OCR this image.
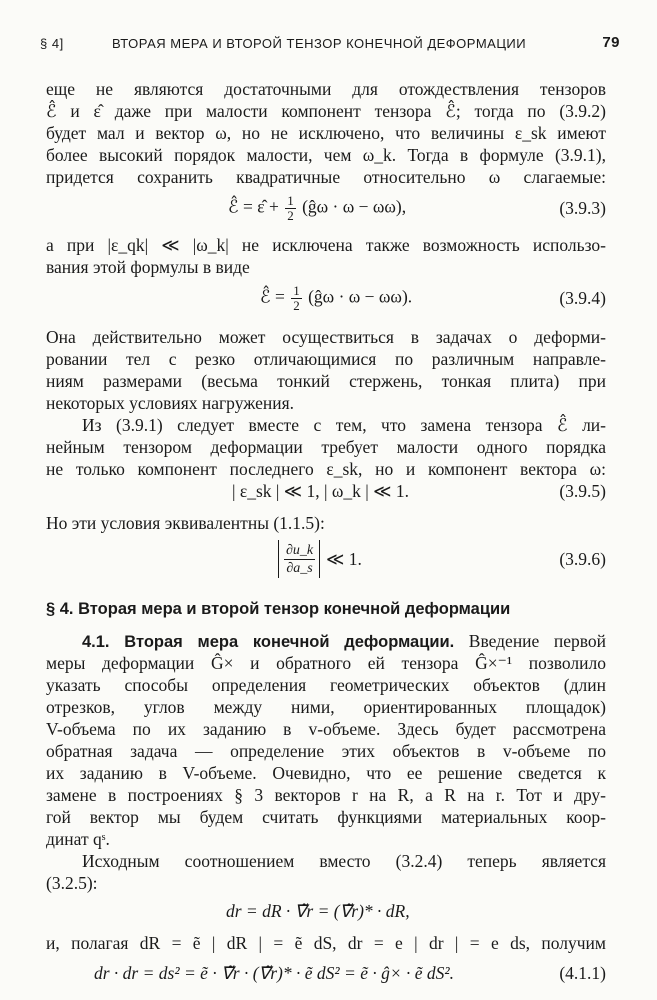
§ 4]	ВТОРАЯ МЕРА И ВТОРОЙ ТЕНЗОР КОНЕЧНОЙ ДЕФОРМАЦИИ	79
еще не являются достаточными для отождествления тензоров
ℰ̂ и ε̂ даже при малости компонент тензора ℰ̂; тогда по (3.9.2)
будет мал и вектор ω, но не исключено, что величины ε_sk имеют
более высокий порядок малости, чем ω_k. Тогда в формуле (3.9.1),
придется сохранить квадратичные относительно ω слагаемые:
ℰ̂ = ε̂ + $\frac{1}{2}$ (ĝω · ω − ωω),	(3.9.3)
а при |ε_qk| ≪ |ω_k| не исключена также возможность использо-
вания этой формулы в виде
ℰ̂ = $\frac{1}{2}$ (ĝω · ω − ωω).	(3.9.4)
Она действительно может осуществиться в задачах о деформи-
ровании тел с резко отличающимися по различным направле-
ниям размерами (весьма тонкий стержень, тонкая плита) при
некоторых условиях нагружения.
Из (3.9.1) следует вместе с тем, что замена тензора ℰ̂ ли-
нейным тензором деформации требует малости одного порядка
не только компонент последнего ε_sk, но и компонент вектора ω:
| ε_sk | ≪ 1, | ω_k | ≪ 1.	(3.9.5)
Но эти условия эквивалентны (1.1.5):
$\frac{\partial u\_k}{\partial a\_s}$ ≪ 1.	(3.9.6)
§ 4. Вторая мера и второй тензор конечной деформации
4.1. Вторая мера конечной деформации. Введение первой
меры деформации Ĝ× и обратного ей тензора Ĝ×⁻¹ позволило
указать способы определения геометрических объектов (длин
отрезков, углов между ними, ориентированных площадок)
V-объема по их заданию в v-объеме. Здесь будет рассмотрена
обратная задача — определение этих объектов в v-объеме по
их заданию в V-объеме. Очевидно, что ее решение сведется к
замене в построениях § 3 векторов r на R, а R на r. Тот и дру-
гой вектор мы будем считать функциями материальных коор-
динат qˢ.
Исходным соотношением вместо (3.2.4) теперь является
(3.2.5):
dr = dR · ∇̃r = (∇̃r)* · dR,
и, полагая dR = ẽ | dR | = ẽ dS, dr = e | dr | = e ds, получим
dr · dr = ds² = ẽ · ∇̃r · (∇̃r)* · ẽ dS² = ẽ · ĝ× · ẽ dS².	(4.1.1)
